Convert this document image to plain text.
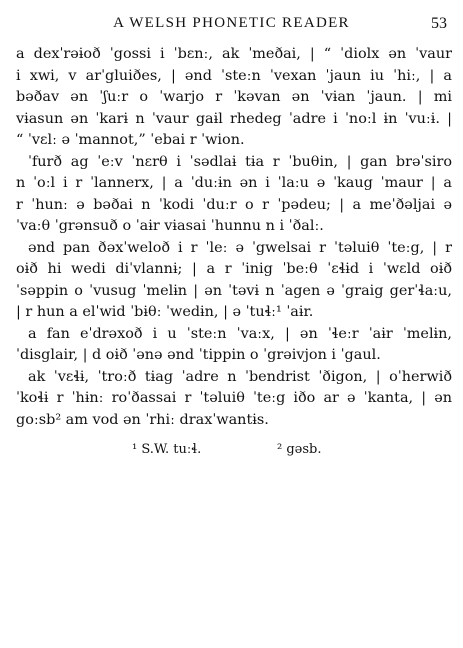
A WELSH PHONETIC READER	53
a dexˈrəɨoð ˈgossi i ˈbɛnː, ak ˈmeðai, | “ ˈdiolx ən ˈvaur
i xwi, v arˈgluiðes, | ənd ˈsteːn ˈvexan ˈjaun iu ˈhiː, | a
bəðav ən ˈʃuːr o ˈwarjo r ˈkəvan ən ˈvɨan ˈjaun. | mi
vɨasun ən ˈkarɨ n ˈvaur gaɨl rhedeg ˈadre i ˈnoːl ɨn ˈvuːɨ. |
“ ˈvɛlː ə ˈmannot,” ˈebai r ˈwion.
ˈfurð ag ˈeːv ˈnɛrθ i ˈsədlaɨ tɨa r ˈbuθin, | gan brəˈsiro
n ˈoːl i r ˈlannerx, | a ˈduːɨn ən i ˈlaːu ə ˈkaug ˈmaur | a
r ˈhunː ə bəðai n ˈkodi ˈduːr o r ˈpədeu; | a meˈðəljai ə
ˈvaːθ ˈgrənsuð o ˈaɨr vɨasai ˈhunnu n i ˈðalː.
ənd pan ðəxˈweloð i r ˈleː ə ˈgwelsai r ˈtəluiθ ˈteːg, | r
oɨð hi wedi diˈvlannɨ; | a r ˈinig ˈbeːθ ˈɛɬɨd i ˈwɛld oɨð
ˈsəppin o ˈvusug ˈmelɨn | ən ˈtəvɨ n ˈagen ə ˈgraig gerˈɬaːu,
| r hun a elˈwid ˈbɨθː ˈwedɨn, | ə ˈtuɬː¹ ˈaɨr.
a fan eˈdrəxoð i u ˈsteːn ˈvaːx, | ən ˈɬeːr ˈaɨr ˈmelɨn,
ˈdisglair, | d oɨð ˈənə ənd ˈtippin o ˈgrəivjon i ˈgaul.
ak ˈvɛɬɨ, ˈtroːð tɨag ˈadre n ˈbendrist ˈðigon, | oˈherwið
ˈkoɬɨ r ˈhɨnː roˈðassai r ˈtəluiθ ˈteːg iðo ar ə ˈkanta, | ən
goːsb² am vod ən ˈrhiː draxˈwantɨs.
¹ S.W. tuːɬ.	² gəsb.
